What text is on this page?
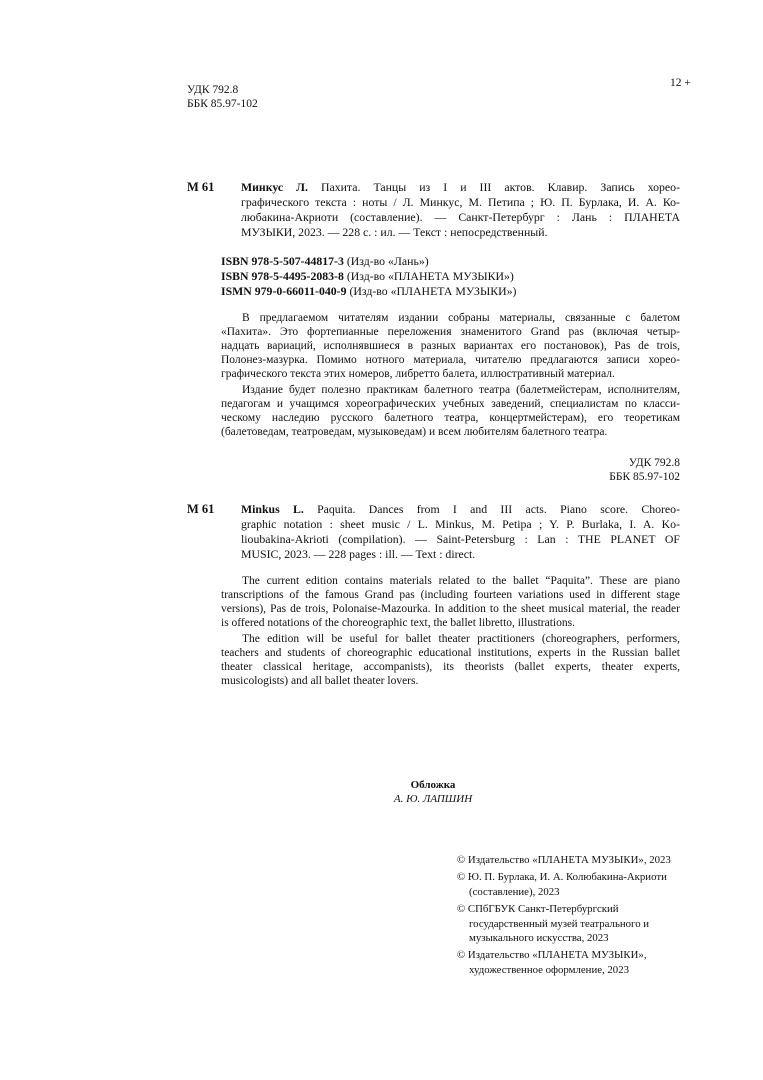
УДК 792.8
ББК 85.97-102
12 +
М 61 Минкус Л. Пахита. Танцы из I и III актов. Клавир. Запись хорео-
графического текста : ноты / Л. Минкус, М. Петипа ; Ю. П. Бурлака, И. А. Ко-
любакина-Акриоти (составление). — Санкт-Петербург : Лань : ПЛАНЕТА
МУЗЫКИ, 2023. — 228 с. : ил. — Текст : непосредственный.
ISBN 978-5-507-44817-3 (Изд-во «Лань»)
ISBN 978-5-4495-2083-8 (Изд-во «ПЛАНЕТА МУЗЫКИ»)
ISMN 979-0-66011-040-9 (Изд-во «ПЛАНЕТА МУЗЫКИ»)
В предлагаемом читателям издании собраны материалы, связанные с балетом
«Пахита». Это фортепианные переложения знаменитого Grand pas (включая четыр-
надцать вариаций, исполнявшиеся в разных вариантах его постановок), Pas de trois,
Полонез-мазурка. Помимо нотного материала, читателю предлагаются записи хорео-
графического текста этих номеров, либретто балета, иллюстративный материал.
Издание будет полезно практикам балетного театра (балетмейстерам, исполнителям,
педагогам и учащимся хореографических учебных заведений, специалистам по класси-
ческому наследию русского балетного театра, концертмейстерам), его теоретикам
(балетоведам, театроведам, музыковедам) и всем любителям балетного театра.
УДК 792.8
ББК 85.97-102
М 61 Minkus L. Paquita. Dances from I and III acts. Piano score. Choreo-
graphic notation : sheet music / L. Minkus, M. Petipa ; Y. P. Burlaka, I. A. Ko-
lioubakina-Akrioti (compilation). — Saint-Petersburg : Lan : THE PLANET OF
MUSIC, 2023. — 228 pages : ill. — Text : direct.
The current edition contains materials related to the ballet “Paquita”. These are piano
transcriptions of the famous Grand pas (including fourteen variations used in different stage
versions), Pas de trois, Polonaise-Mazourka. In addition to the sheet musical material, the reader
is offered notations of the choreographic text, the ballet libretto, illustrations.
The edition will be useful for ballet theater practitioners (choreographers, performers,
teachers and students of choreographic educational institutions, experts in the Russian ballet
theater classical heritage, accompanists), its theorists (ballet experts, theater experts,
musicologists) and all ballet theater lovers.
Обложка
А. Ю. ЛАПШИН
© Издательство «ПЛАНЕТА МУЗЫКИ», 2023
© Ю. П. Бурлака, И. А. Колюбакина-Акриоти
(составление), 2023
© СПбГБУК Санкт-Петербургский
государственный музей театрального и
музыкального искусства, 2023
© Издательство «ПЛАНЕТА МУЗЫКИ»,
художественное оформление, 2023
